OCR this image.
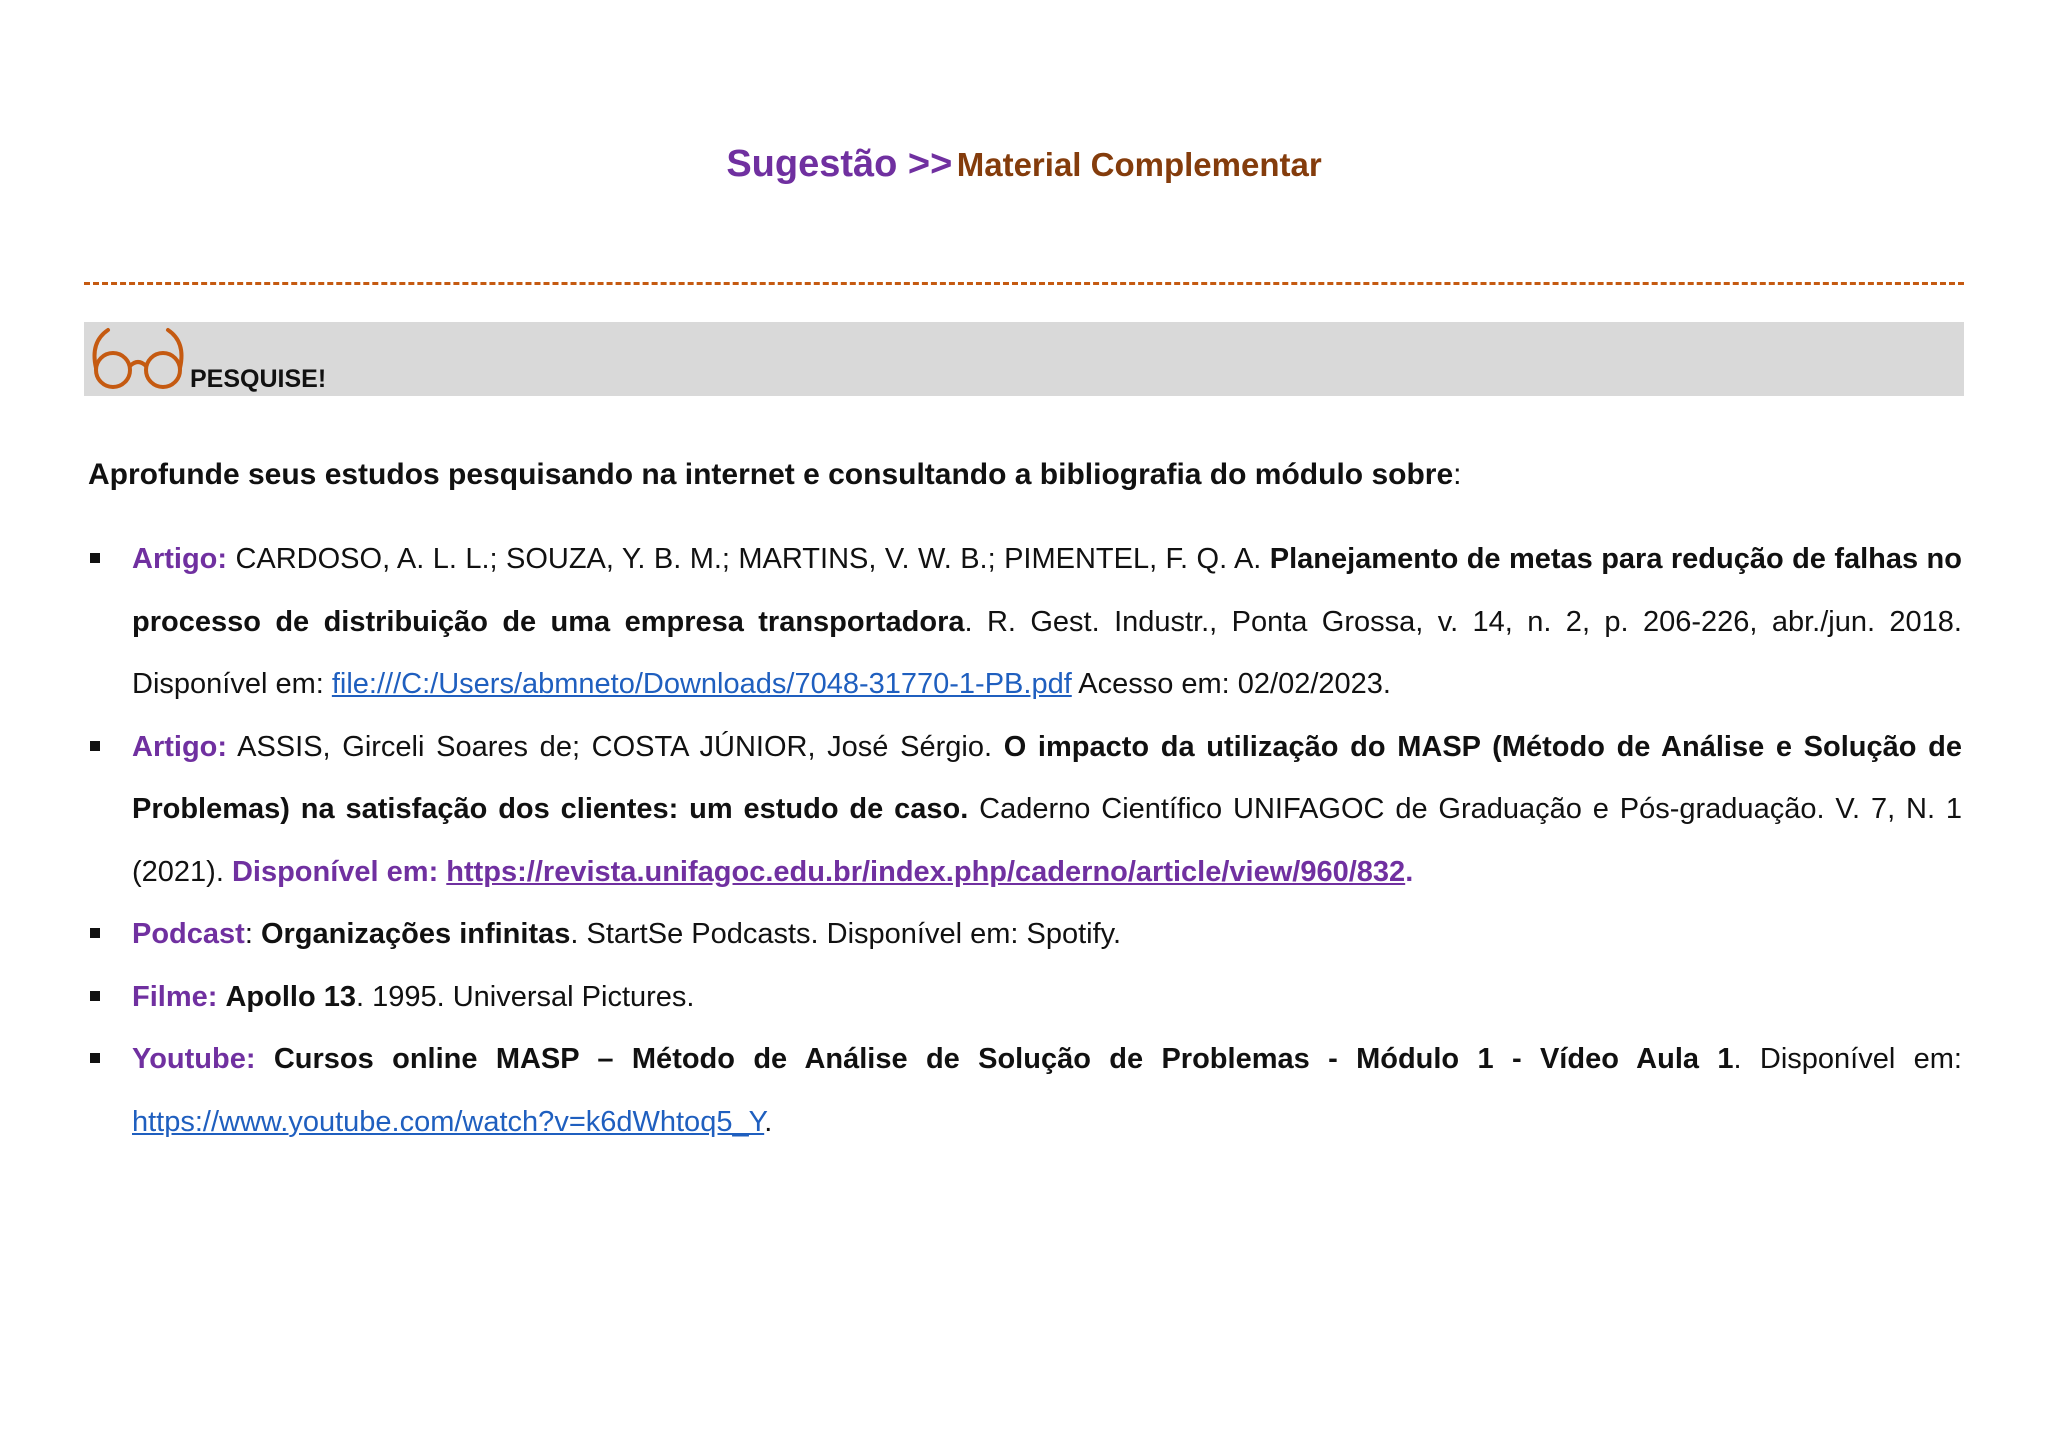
Sugestão >> Material Complementar
PESQUISE!
Aprofunde seus estudos pesquisando na internet e consultando a bibliografia do módulo sobre:
Artigo: CARDOSO, A. L. L.; SOUZA, Y. B. M.; MARTINS, V. W. B.; PIMENTEL, F. Q. A. Planejamento de metas para redução de falhas no processo de distribuição de uma empresa transportadora. R. Gest. Industr., Ponta Grossa, v. 14, n. 2, p. 206-226, abr./jun. 2018. Disponível em: file:///C:/Users/abmneto/Downloads/7048-31770-1-PB.pdf Acesso em: 02/02/2023.
Artigo: ASSIS, Girceli Soares de; COSTA JÚNIOR, José Sérgio. O impacto da utilização do MASP (Método de Análise e Solução de Problemas) na satisfação dos clientes: um estudo de caso. Caderno Científico UNIFAGOC de Graduação e Pós-graduação. V. 7, N. 1 (2021). Disponível em: https://revista.unifagoc.edu.br/index.php/caderno/article/view/960/832.
Podcast: Organizações infinitas. StartSe Podcasts. Disponível em: Spotify.
Filme: Apollo 13. 1995. Universal Pictures.
Youtube: Cursos online MASP – Método de Análise de Solução de Problemas - Módulo 1 - Vídeo Aula 1. Disponível em: https://www.youtube.com/watch?v=k6dWhtoq5_Y.
